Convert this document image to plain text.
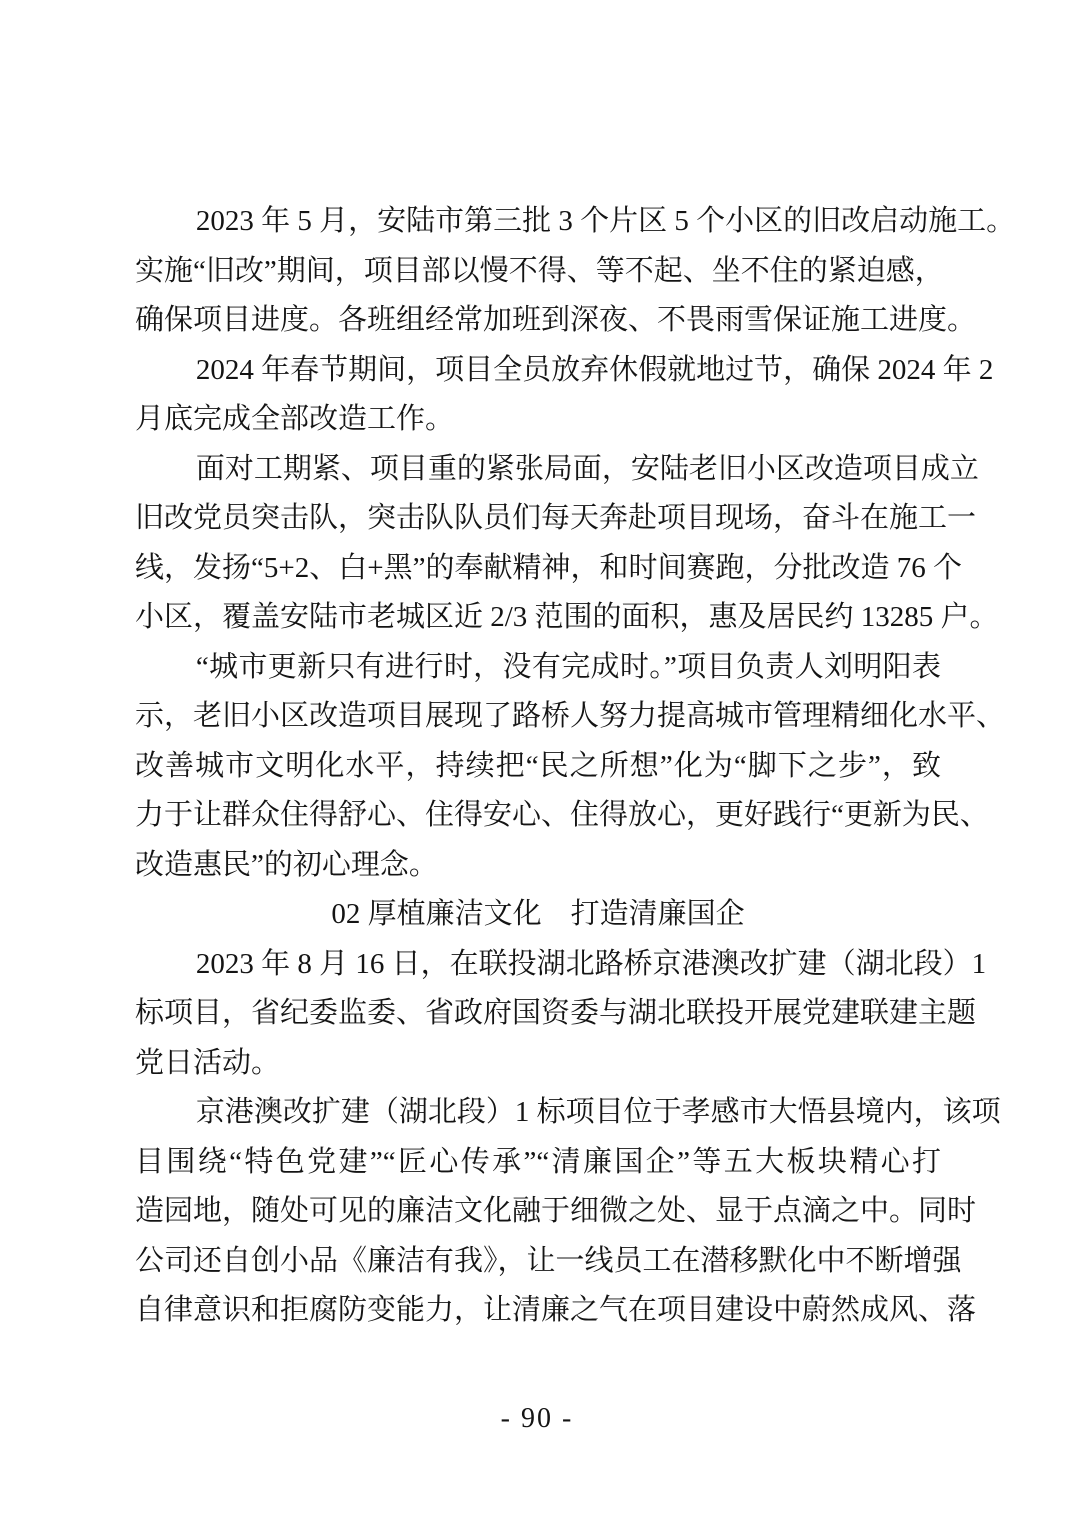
2023 年 5 月，安陆市第三批 3 个片区 5 个小区的旧改启动施工。
实施“旧改”期间，项目部以慢不得、等不起、坐不住的紧迫感，
确保项目进度。各班组经常加班到深夜、不畏雨雪保证施工进度。
2024 年春节期间，项目全员放弃休假就地过节，确保 2024 年 2
月底完成全部改造工作。
面对工期紧、项目重的紧张局面，安陆老旧小区改造项目成立
旧改党员突击队，突击队队员们每天奔赴项目现场，奋斗在施工一
线，发扬“5+2、白+黑”的奉献精神，和时间赛跑，分批改造 76 个
小区，覆盖安陆市老城区近 2/3 范围的面积，惠及居民约 13285 户。
“城市更新只有进行时，没有完成时。”项目负责人刘明阳表
示，老旧小区改造项目展现了路桥人努力提高城市管理精细化水平、
改善城市文明化水平，持续把“民之所想”化为“脚下之步”，致
力于让群众住得舒心、住得安心、住得放心，更好践行“更新为民、
改造惠民”的初心理念。
02 厚植廉洁文化　打造清廉国企
2023 年 8 月 16 日，在联投湖北路桥京港澳改扩建（湖北段）1
标项目，省纪委监委、省政府国资委与湖北联投开展党建联建主题
党日活动。
京港澳改扩建（湖北段）1 标项目位于孝感市大悟县境内，该项
目围绕“特色党建”“匠心传承”“清廉国企”等五大板块精心打
造园地，随处可见的廉洁文化融于细微之处、显于点滴之中。同时
公司还自创小品《廉洁有我》，让一线员工在潜移默化中不断增强
自律意识和拒腐防变能力，让清廉之气在项目建设中蔚然成风、落
- 90 -
